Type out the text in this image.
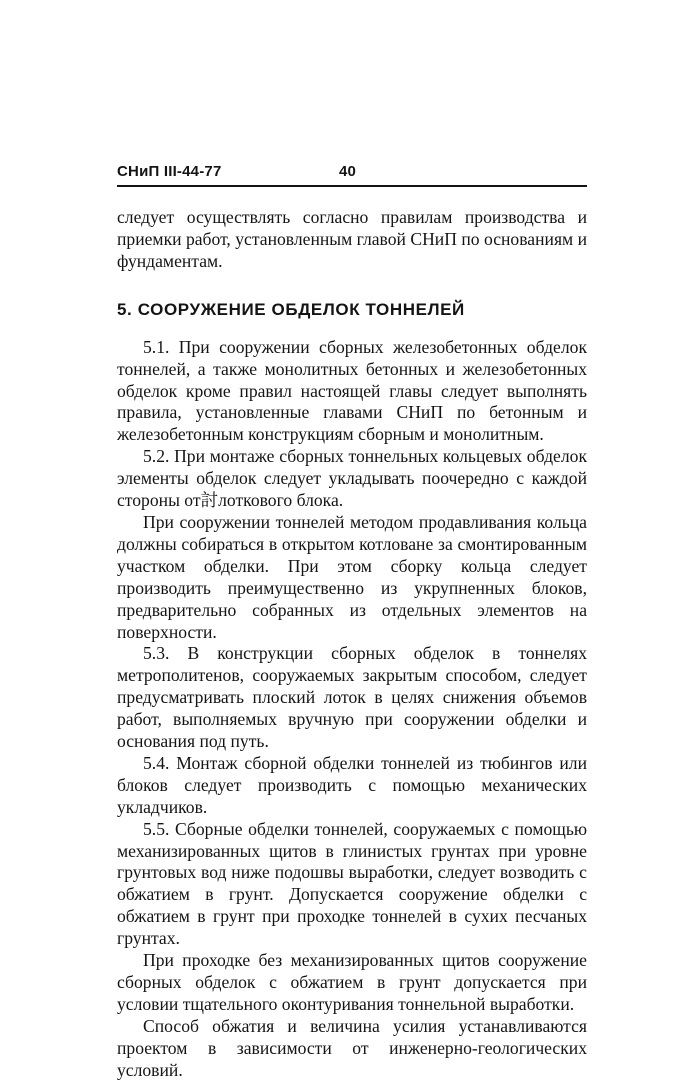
СНиП III-44-77	40

следует осуществлять согласно правилам производства и приемки работ, установленным главой СНиП по основаниям и фундаментам.

5. СООРУЖЕНИЕ ОБДЕЛОК ТОННЕЛЕЙ

5.1. При сооружении сборных железобетонных обделок тоннелей, а также монолитных бетонных и железобетонных обделок кроме правил настоящей главы следует выполнять правила, установленные главами СНиП по бетонным и железобетонным конструкциям сборным и монолитным.

5.2. При монтаже сборных тоннельных кольцевых обделок элементы обделок следует укладывать поочередно с каждой стороны от討лоткового блока.

При сооружении тоннелей методом продавливания кольца должны собираться в открытом котловане за смонтированным участком обделки. При этом сборку кольца следует производить преимущественно из укрупненных блоков, предварительно собранных из отдельных элементов на поверхности.

5.3. В конструкции сборных обделок в тоннелях метрополитенов, сооружаемых закрытым способом, следует предусматривать плоский лоток в целях снижения объемов работ, выполняемых вручную при сооружении обделки и основания под путь.

5.4. Монтаж сборной обделки тоннелей из тюбингов или блоков следует производить с помощью механических укладчиков.

5.5. Сборные обделки тоннелей, сооружаемых с помощью механизированных щитов в глинистых грунтах при уровне грунтовых вод ниже подошвы выработки, следует возводить с обжатием в грунт. Допускается сооружение обделки с обжатием в грунт при проходке тоннелей в сухих песчаных грунтах.

При проходке без механизированных щитов сооружение сборных обделок с обжатием в грунт допускается при условии тщательного оконтуривания тоннельной выработки.

Способ обжатия и величина усилия устанавливаются проектом в зависимости от инженерно-геологических условий.
